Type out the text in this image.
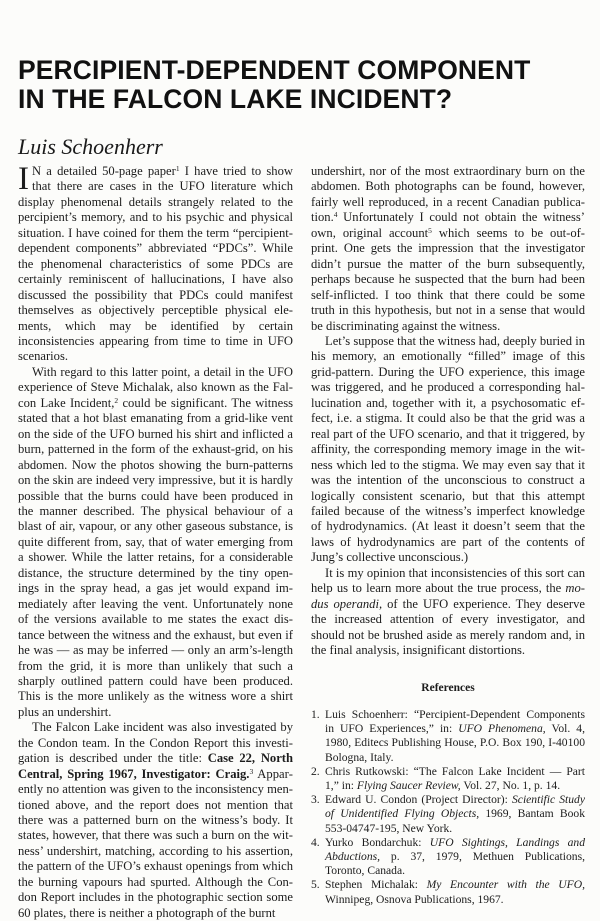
PERCIPIENT-DEPENDENT COMPONENT
IN THE FALCON LAKE INCIDENT?
Luis Schoenherr

I N a detailed 50-page paper$^1$ I have tried to show that there are cases in the UFO literature which display phenomenal details strangely related to the percipient’s memory, and to his psychic and physical situation. I have coined for them the term “percipient-dependent components” abbreviated “PDCs”. While the phenomenal characteristics of some PDCs are certainly reminiscent of hallucinations, I have also discussed the possibility that PDCs could manifest themselves as objectively perceptible physical elements, which may be identified by certain inconsistencies appearing from time to time in UFO scenarios.

With regard to this latter point, a detail in the UFO experience of Steve Michalak, also known as the Falcon Lake Incident,$^2$ could be significant. The witness stated that a hot blast emanating from a grid-like vent on the side of the UFO burned his shirt and inflicted a burn, patterned in the form of the exhaust-grid, on his abdomen. Now the photos showing the burn-patterns on the skin are indeed very impressive, but it is hardly possible that the burns could have been produced in the manner described. The physical behaviour of a blast of air, vapour, or any other gaseous substance, is quite different from, say, that of water emerging from a shower. While the latter retains, for a considerable distance, the structure determined by the tiny openings in the spray head, a gas jet would expand immediately after leaving the vent. Unfortunately none of the versions available to me states the exact distance between the witness and the exhaust, but even if he was — as may be inferred — only an arm’s-length from the grid, it is more than unlikely that such a sharply outlined pattern could have been produced. This is the more unlikely as the witness wore a shirt plus an undershirt.

The Falcon Lake incident was also investigated by the Condon team. In the Condon Report this investigation is described under the title: Case 22, North Central, Spring 1967, Investigator: Craig.$^3$ Apparently no attention was given to the inconsistency mentioned above, and the report does not mention that there was a patterned burn on the witness’s body. It states, however, that there was such a burn on the witness’ undershirt, matching, according to his assertion, the pattern of the UFO’s exhaust openings from which the burning vapours had spurted. Although the Condon Report includes in the photographic section some 60 plates, there is neither a photograph of the burnt

undershirt, nor of the most extraordinary burn on the abdomen. Both photographs can be found, however, fairly well reproduced, in a recent Canadian publication.$^4$ Unfortunately I could not obtain the witness’ own, original account$^5$ which seems to be out-of-print. One gets the impression that the investigator didn’t pursue the matter of the burn subsequently, perhaps because he suspected that the burn had been self-inflicted. I too think that there could be some truth in this hypothesis, but not in a sense that would be discriminating against the witness.

Let’s suppose that the witness had, deeply buried in his memory, an emotionally “filled” image of this grid-pattern. During the UFO experience, this image was triggered, and he produced a corresponding hallucination and, together with it, a psychosomatic effect, i.e. a stigma. It could also be that the grid was a real part of the UFO scenario, and that it triggered, by affinity, the corresponding memory image in the witness which led to the stigma. We may even say that it was the intention of the unconscious to construct a logically consistent scenario, but that this attempt failed because of the witness’s imperfect knowledge of hydrodynamics. (At least it doesn’t seem that the laws of hydrodynamics are part of the contents of Jung’s collective unconscious.)

It is my opinion that inconsistencies of this sort can help us to learn more about the true process, the modus operandi, of the UFO experience. They deserve the increased attention of every investigator, and should not be brushed aside as merely random and, in the final analysis, insignificant distortions.

References
1. Luis Schoenherr: “Percipient-Dependent Components in UFO Experiences,” in: UFO Phenomena, Vol. 4, 1980, Editecs Publishing House, P.O. Box 190, I-40100 Bologna, Italy.
2. Chris Rutkowski: “The Falcon Lake Incident — Part 1,” in: Flying Saucer Review, Vol. 27, No. 1, p. 14.
3. Edward U. Condon (Project Director): Scientific Study of Unidentified Flying Objects, 1969, Bantam Book 553-04747-195, New York.
4. Yurko Bondarchuk: UFO Sightings, Landings and Abductions, p. 37, 1979, Methuen Publications, Toronto, Canada.
5. Stephen Michalak: My Encounter with the UFO, Winnipeg, Osnova Publications, 1967.
